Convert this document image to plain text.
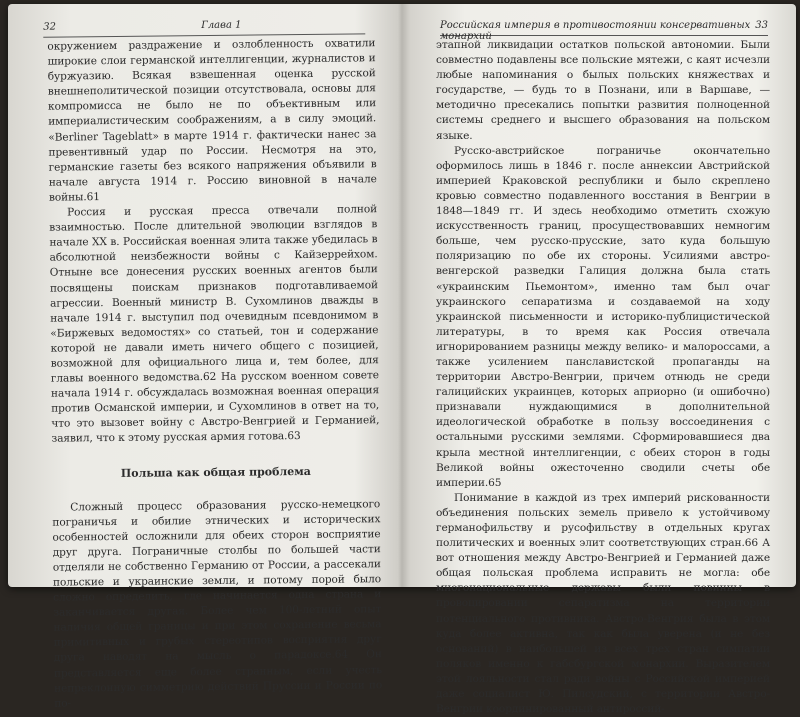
32	Глава 1

окружением раздражение и озлобленность охватили широкие слои германской интеллигенции, журналистов и буржуазию. Всякая взвешенная оценка русской внешнеполитической позиции отсутствовала, основы для компромисса не было не по объективным или империалистическим соображениям, а в силу эмоций. «Berliner Tageblatt» в марте 1914 г. фактически нанес за превентивный удар по России. Несмотря на это, германские газеты без всякого напряжения объявили в начале августа 1914 г. Россию виновной в начале войны.61

Россия и русская пресса отвечали полной взаимностью. После длительной эволюции взглядов в начале XX в. Российская военная элита также убедилась в абсолютной неизбежности войны с Кайзеррейхом. Отныне все донесения русских военных агентов были посвящены поискам признаков подготавливаемой агрессии. Военный министр В. Сухомлинов дважды в начале 1914 г. выступил под очевидным псевдонимом в «Биржевых ведомостях» со статьей, тон и содержание которой не давали иметь ничего общего с позицией, возможной для официального лица и, тем более, для главы военного ведомства.62 На русском военном совете начала 1914 г. обсуждалась возможная военная операция против Османской империи, и Сухомлинов в ответ на то, что это вызовет войну с Австро-Венгрией и Германией, заявил, что к этому русская армия готова.63

Польша как общая проблема

Сложный процесс образования русско-немецкого пограничья и обилие этнических и исторических особенностей осложнили для обеих сторон восприятие друг друга. Пограничные столбы по большей части отделяли не собственно Германию от России, а рассекали польские и украинские земли, и потому порой было сложно определить, где начинается одна страна и заканчивается другая. Более чем 100-летний опыт наличия общей границы и при этом сохранение весьма примитивных и грубых стереотипов восприятия друг друга наводят на мысль о парадоксе.64 Он представляется еще более странным, если учесть непреклонную симметрию действий Пруссии и России по по-

Российская империя в противостоянии консервативных монархий
33

этапной ликвидации остатков польской автономии. Были совместно подавлены все польские мятежи, с каят исчезли любые напоминания о былых польских княжествах и государстве, — будь то в Познани, или в Варшаве, — методично пресекались попытки развития полноценной системы среднего и высшего образования на польском языке.

Русско-австрийское пограничье окончательно оформилось лишь в 1846 г. после аннексии Австрийской империей Краковской республики и было скреплено кровью совместно подавленного восстания в Венгрии в 1848—1849 гг. И здесь необходимо отметить схожую искусственность границ, просуществовавших немногим больше, чем русско-прусские, зато куда большую поляризацию по обе их стороны. Усилиями австро-венгерской разведки Галиция должна была стать «украинским Пьемонтом», именно там был очаг украинского сепаратизма и создаваемой на ходу украинской письменности и историко-публицистической литературы, в то время как Россия отвечала игнорированием разницы между велико- и малороссами, а также усилением панславистской пропаганды на территории Австро-Венгрии, причем отнюдь не среди галицийских украинцев, которых априорно (и ошибочно) признавали нуждающимися в дополнительной идеологической обработке в пользу воссоединения с остальными русскими землями. Сформировавшиеся два крыла местной интеллигенции, с обеих сторон в годы Великой войны ожесточенно сводили счеты обе империи.65

Понимание в каждой из трех империй рискованности объединения польских земель привело к устойчивому германофильству и русофильству в отдельных кругах политических и военных элит соответствующих стран.66 А вот отношения между Австро-Венгрией и Германией даже общая польская проблема исправить не могла: обе многонациональные державы были повинны в провоцировании сепаратизма на территории потенциального противника. Австро-Венгрия была в этом куда более активна, так как была уверена (и не без оснований) в наибольшей из всех трех стран симпатии поляков именно к габсбургской монархии. Выразителем этой лояльности стал ради войны с Российской империей даже социалист Ю. Пилсудский, с территории Австро-Венгрии координированный антироссий-
